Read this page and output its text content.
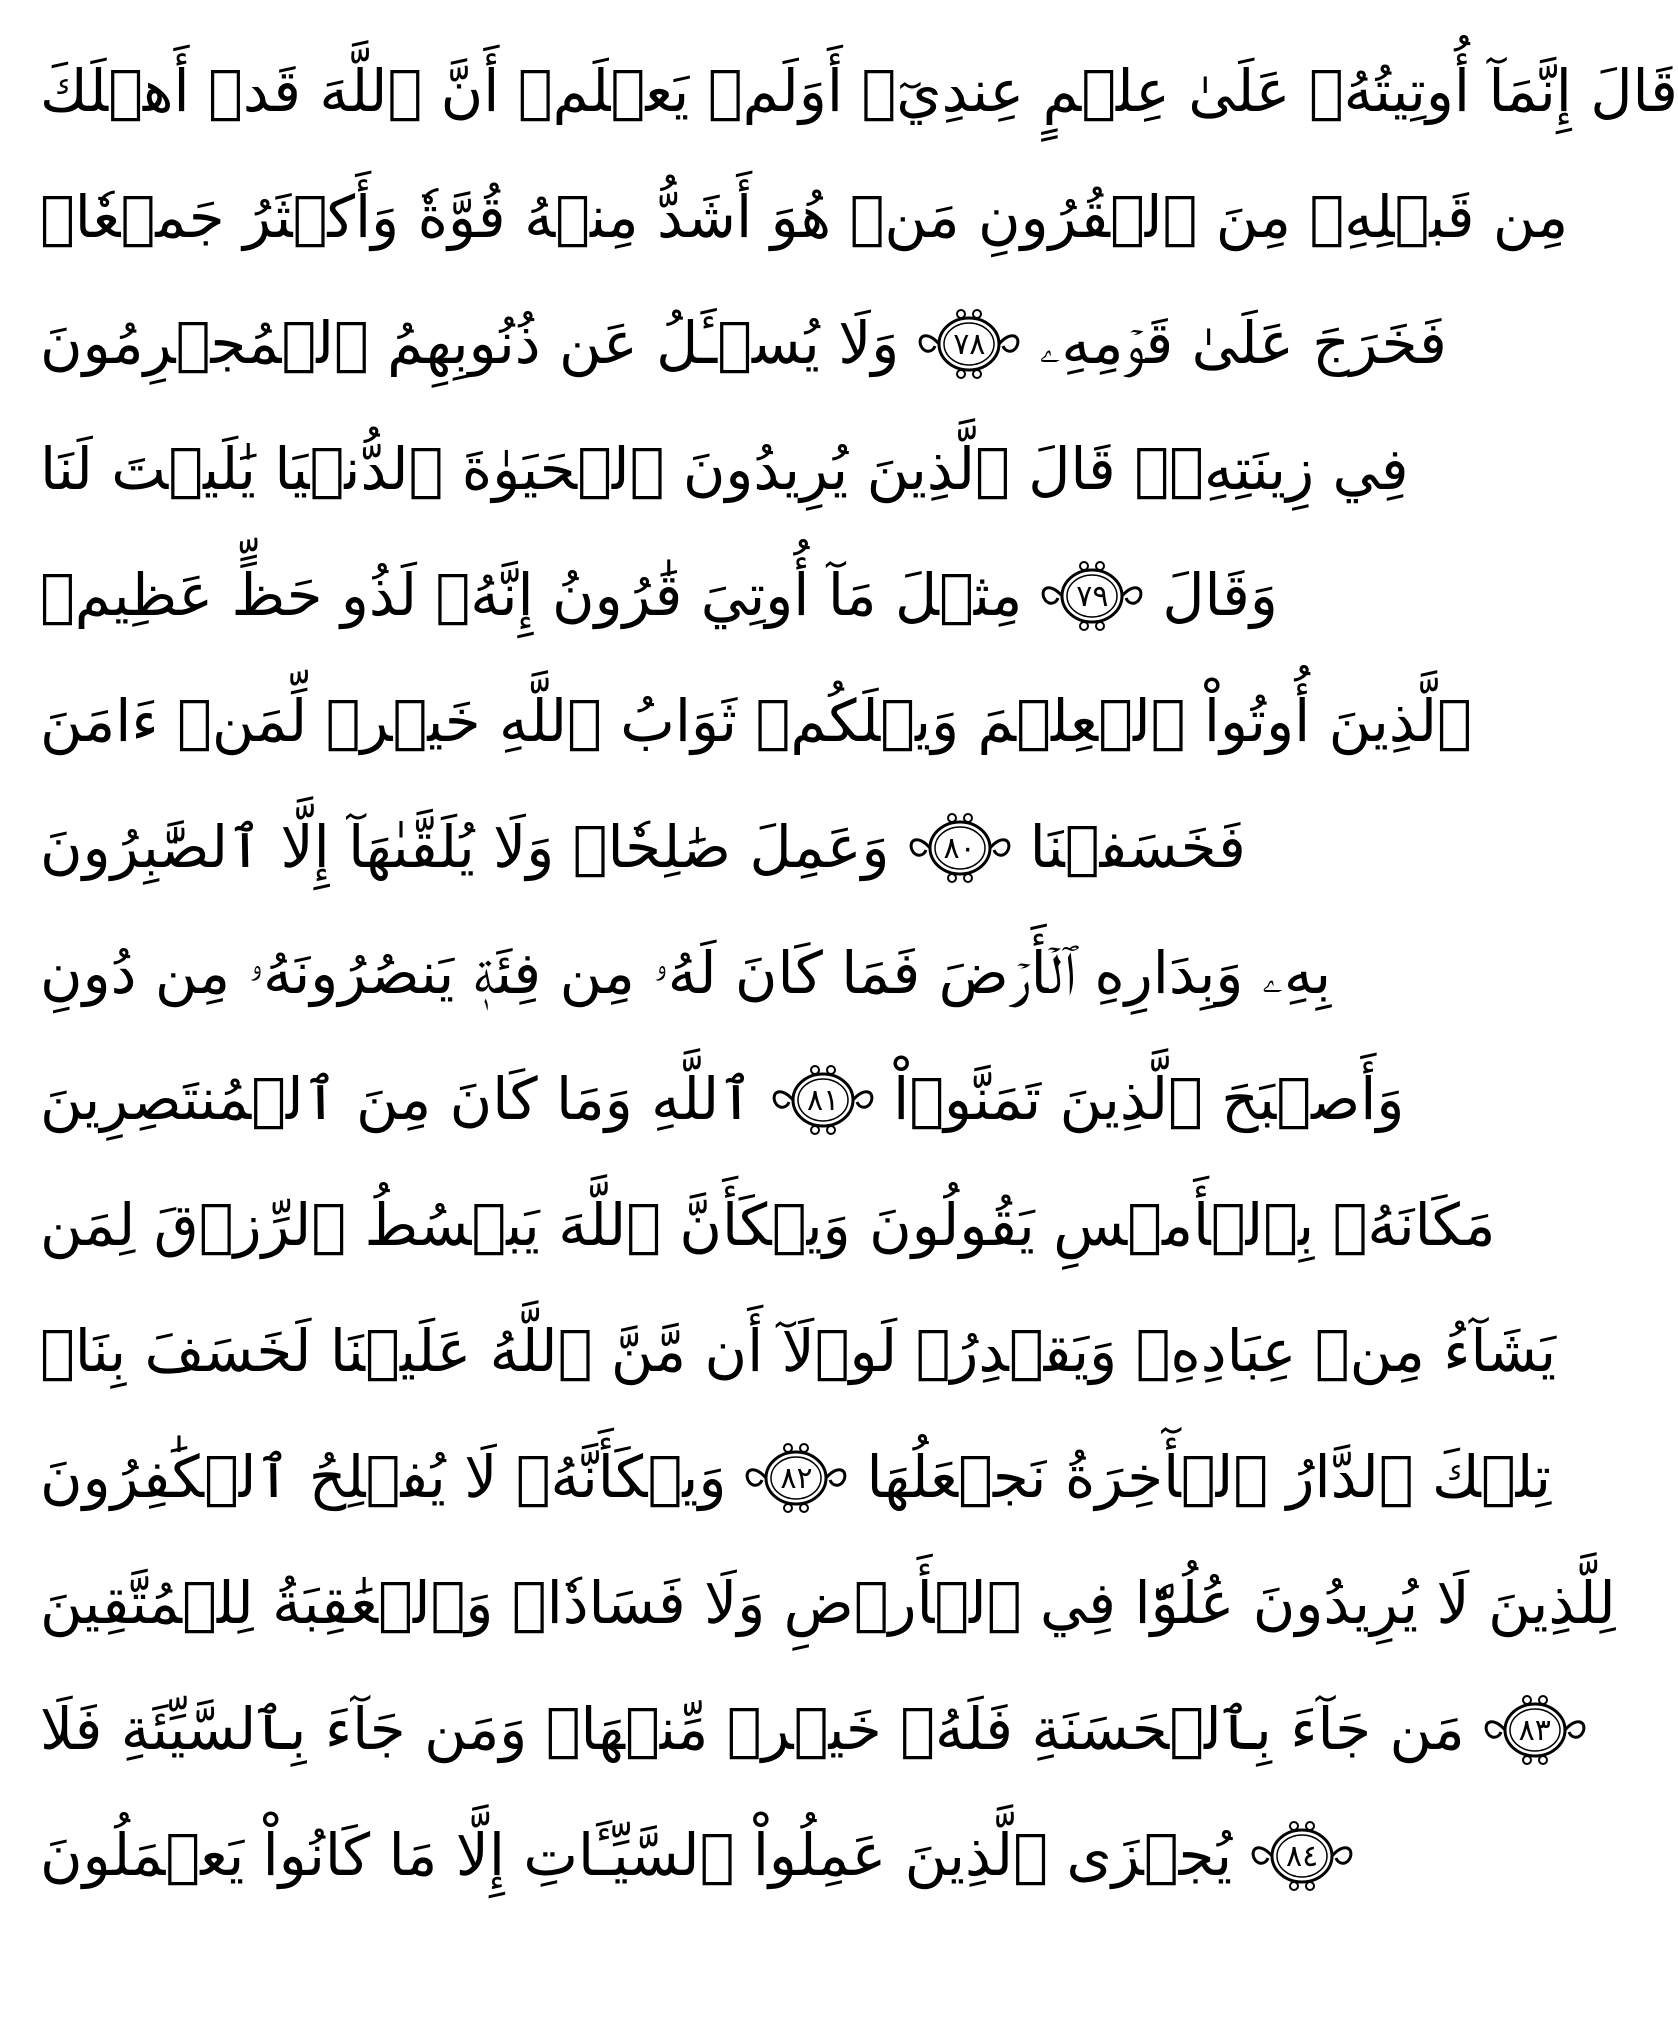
قَالَ إِنَّمَآ أُوتِيتُهُۥ عَلَىٰ عِلۡمٍ عِندِيٓۚ أَوَلَمۡ يَعۡلَمۡ أَنَّ ٱللَّهَ قَدۡ أَهۡلَكَ
مِن قَبۡلِهِۦ مِنَ ٱلۡقُرُونِ مَنۡ هُوَ أَشَدُّ مِنۡهُ قُوَّةٗ وَأَكۡثَرُ جَمۡعٗاۚ
وَلَا يُسۡـَٔلُ عَن ذُنُوبِهِمُ ٱلۡمُجۡرِمُونَ ٧٨ فَخَرَجَ عَلَىٰ قَوۡمِهِۦ
فِي زِينَتِهِۦۖ قَالَ ٱلَّذِينَ يُرِيدُونَ ٱلۡحَيَوٰةَ ٱلدُّنۡيَا يَٰلَيۡتَ لَنَا
مِثۡلَ مَآ أُوتِيَ قَٰرُونُ إِنَّهُۥ لَذُو حَظٍّ عَظِيمٖ ٧٩ وَقَالَ
ٱلَّذِينَ أُوتُواْ ٱلۡعِلۡمَ وَيۡلَكُمۡ ثَوَابُ ٱللَّهِ خَيۡرٞ لِّمَنۡ ءَامَنَ
وَعَمِلَ صَٰلِحٗاۚ وَلَا يُلَقَّىٰهَآ إِلَّا ٱلصَّٰبِرُونَ ٨٠ فَخَسَفۡنَا
بِهِۦ وَبِدَارِهِ ٱلۡأَرۡضَ فَمَا كَانَ لَهُۥ مِن فِئَةٖ يَنصُرُونَهُۥ مِن دُونِ
ٱللَّهِ وَمَا كَانَ مِنَ ٱلۡمُنتَصِرِينَ ٨١ وَأَصۡبَحَ ٱلَّذِينَ تَمَنَّوۡاْ
مَكَانَهُۥ بِٱلۡأَمۡسِ يَقُولُونَ وَيۡكَأَنَّ ٱللَّهَ يَبۡسُطُ ٱلرِّزۡقَ لِمَن
يَشَآءُ مِنۡ عِبَادِهِۦ وَيَقۡدِرُۖ لَوۡلَآ أَن مَّنَّ ٱللَّهُ عَلَيۡنَا لَخَسَفَ بِنَاۖ
وَيۡكَأَنَّهُۥ لَا يُفۡلِحُ ٱلۡكَٰفِرُونَ ٨٢ تِلۡكَ ٱلدَّارُ ٱلۡأٓخِرَةُ نَجۡعَلُهَا
لِلَّذِينَ لَا يُرِيدُونَ عُلُوّٗا فِي ٱلۡأَرۡضِ وَلَا فَسَادٗاۚ وَٱلۡعَٰقِبَةُ لِلۡمُتَّقِينَ
مَن جَآءَ بِٱلۡحَسَنَةِ فَلَهُۥ خَيۡرٞ مِّنۡهَاۖ وَمَن جَآءَ بِٱلسَّيِّئَةِ فَلَا ٨٣
يُجۡزَى ٱلَّذِينَ عَمِلُواْ ٱلسَّيِّـَٔاتِ إِلَّا مَا كَانُواْ يَعۡمَلُونَ ٨٤
